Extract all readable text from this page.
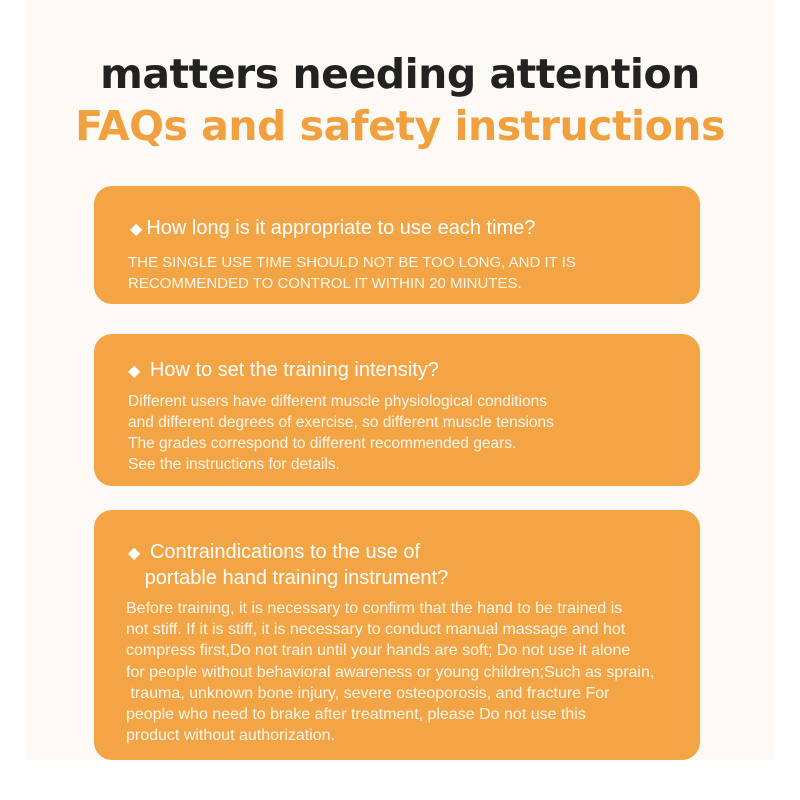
matters needing attention
FAQs and safety instructions
◆ How long is it appropriate to use each time?
THE SINGLE USE TIME SHOULD NOT BE TOO LONG, AND IT IS
RECOMMENDED TO CONTROL IT WITHIN 20 MINUTES.
◆ How to set the training intensity?
Different users have different muscle physiological conditions
and different degrees of exercise, so different muscle tensions
The grades correspond to different recommended gears.
See the instructions for details.
◆ Contraindications to the use of
portable hand training instrument?
Before training, it is necessary to confirm that the hand to be trained is
not stiff. If it is stiff, it is necessary to conduct manual massage and hot
compress first,Do not train until your hands are soft; Do not use it alone
for people without behavioral awareness or young children;Such as sprain,
trauma, unknown bone injury, severe osteoporosis, and fracture For
people who need to brake after treatment, please Do not use this
product without authorization.
